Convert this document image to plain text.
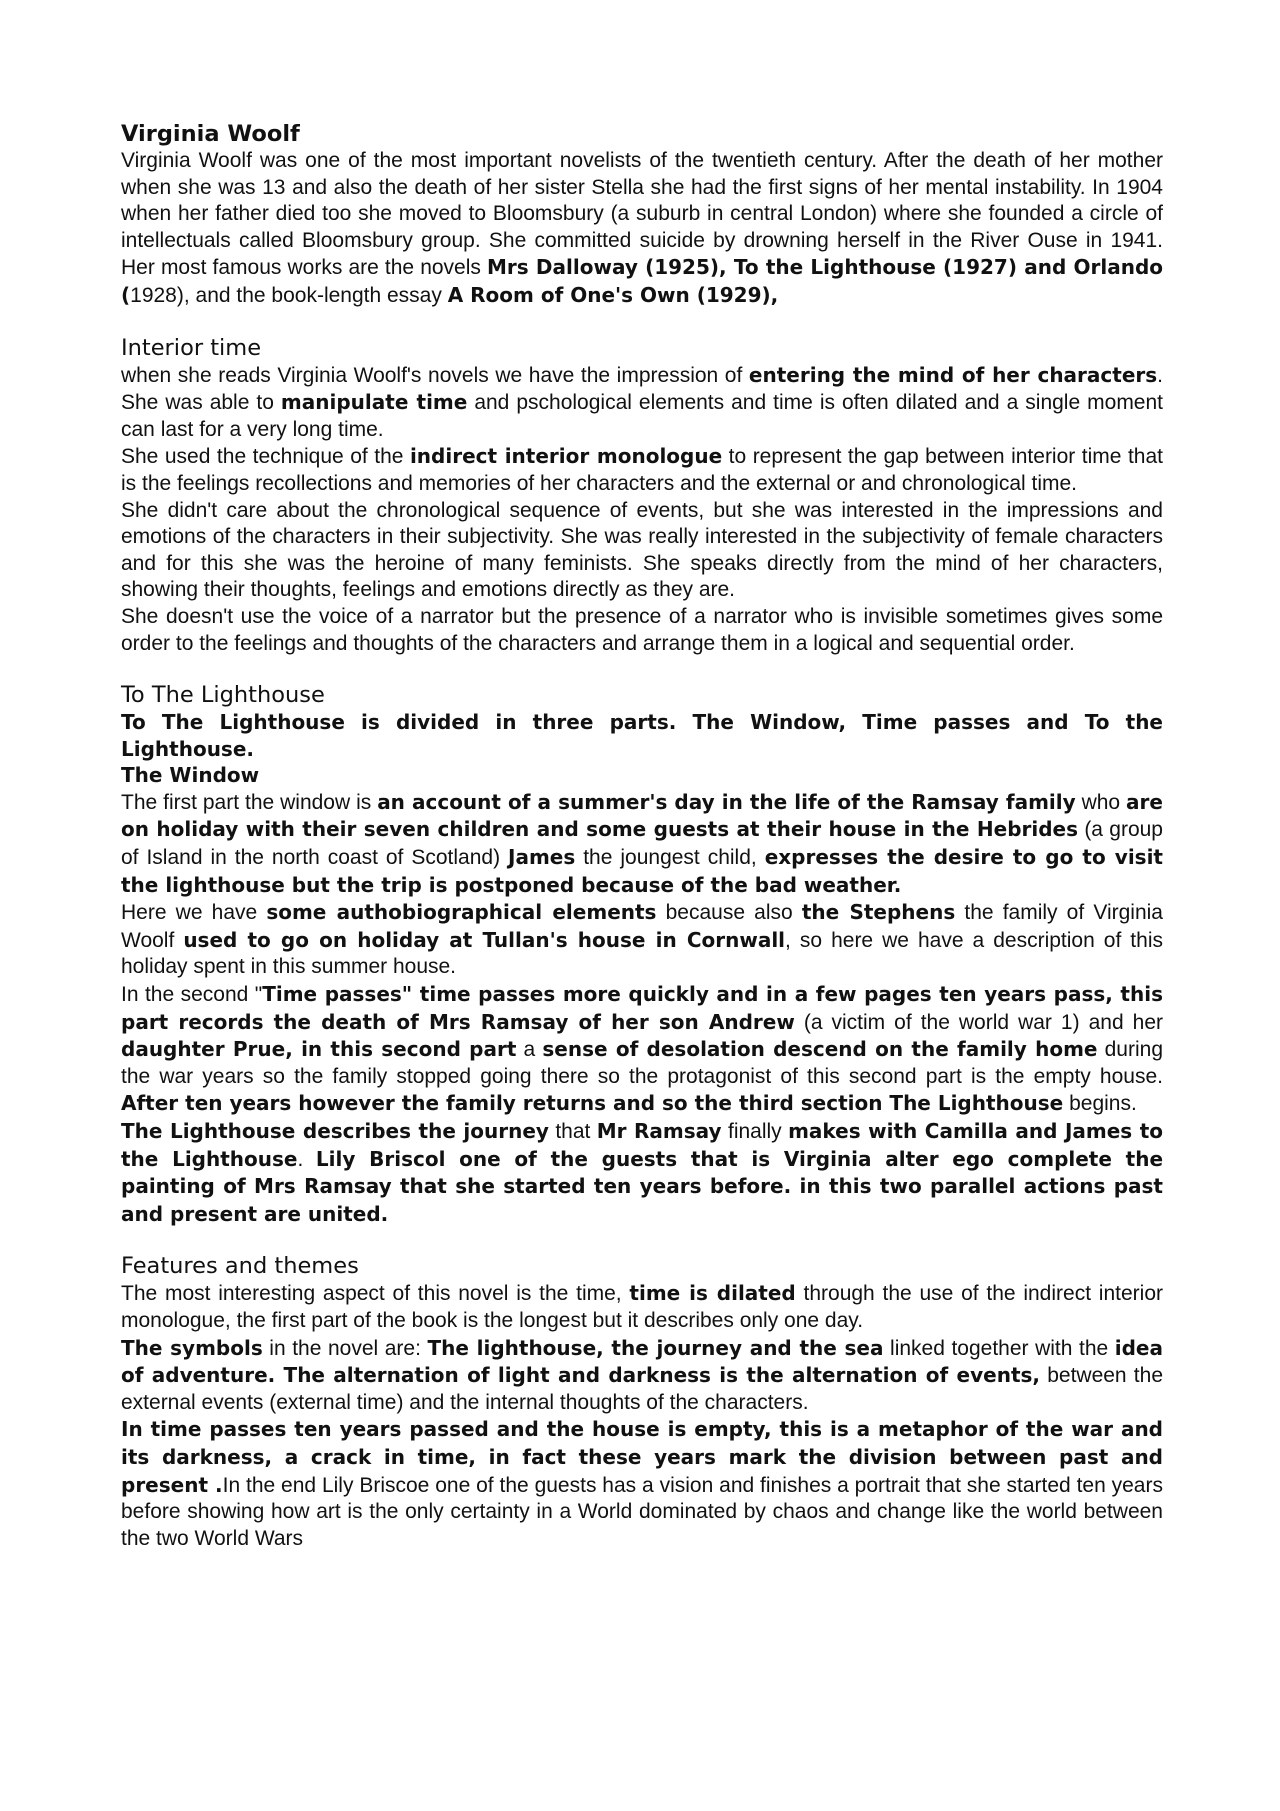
Virginia Woolf

Virginia Woolf was one of the most important novelists of the twentieth century. After the death of her mother when she was 13 and also the death of her sister Stella she had the first signs of her mental instability. In 1904 when her father died too she moved to Bloomsbury (a suburb in central London) where she founded a circle of intellectuals called Bloomsbury group. She committed suicide by drowning herself in the River Ouse in 1941. Her most famous works are the novels Mrs Dalloway (1925), To the Lighthouse (1927) and Orlando (1928), and the book-length essay A Room of One's Own (1929),

Interior time

when she reads Virginia Woolf's novels we have the impression of entering the mind of her characters. She was able to manipulate time and pschological elements and time is often dilated and a single moment can last for a very long time.

She used the technique of the indirect interior monologue to represent the gap between interior time that is the feelings recollections and memories of her characters and the external or and chronological time.

She didn't care about the chronological sequence of events, but she was interested in the impressions and emotions of the characters in their subjectivity. She was really interested in the subjectivity of female characters and for this she was the heroine of many feminists. She speaks directly from the mind of her characters, showing their thoughts, feelings and emotions directly as they are.

She doesn't use the voice of a narrator but the presence of a narrator who is invisible sometimes gives some order to the feelings and thoughts of the characters and arrange them in a logical and sequential order.

To The Lighthouse

To The Lighthouse is divided in three parts. The Window, Time passes and To the Lighthouse.

The Window

The first part the window is an account of a summer's day in the life of the Ramsay family who are on holiday with their seven children and some guests at their house in the Hebrides (a group of Island in the north coast of Scotland) James the joungest child, expresses the desire to go to visit the lighthouse but the trip is postponed because of the bad weather.

Here we have some authobiographical elements because also the Stephens the family of Virginia Woolf used to go on holiday at Tullan's house in Cornwall, so here we have a description of this holiday spent in this summer house.

In the second "Time passes" time passes more quickly and in a few pages ten years pass, this part records the death of Mrs Ramsay of her son Andrew (a victim of the world war 1) and her daughter Prue, in this second part a sense of desolation descend on the family home during the war years so the family stopped going there so the protagonist of this second part is the empty house. After ten years however the family returns and so the third section The Lighthouse begins.

The Lighthouse describes the journey that Mr Ramsay finally makes with Camilla and James to the Lighthouse. Lily Briscol one of the guests that is Virginia alter ego complete the painting of Mrs Ramsay that she started ten years before. in this two parallel actions past and present are united.

Features and themes

The most interesting aspect of this novel is the time, time is dilated through the use of the indirect interior monologue, the first part of the book is the longest but it describes only one day.

The symbols in the novel are: The lighthouse, the journey and the sea linked together with the idea of adventure. The alternation of light and darkness is the alternation of events, between the external events (external time) and the internal thoughts of the characters.

In time passes ten years passed and the house is empty, this is a metaphor of the war and its darkness, a crack in time, in fact these years mark the division between past and present .In the end Lily Briscoe one of the guests has a vision and finishes a portrait that she started ten years before showing how art is the only certainty in a World dominated by chaos and change like the world between the two World Wars
